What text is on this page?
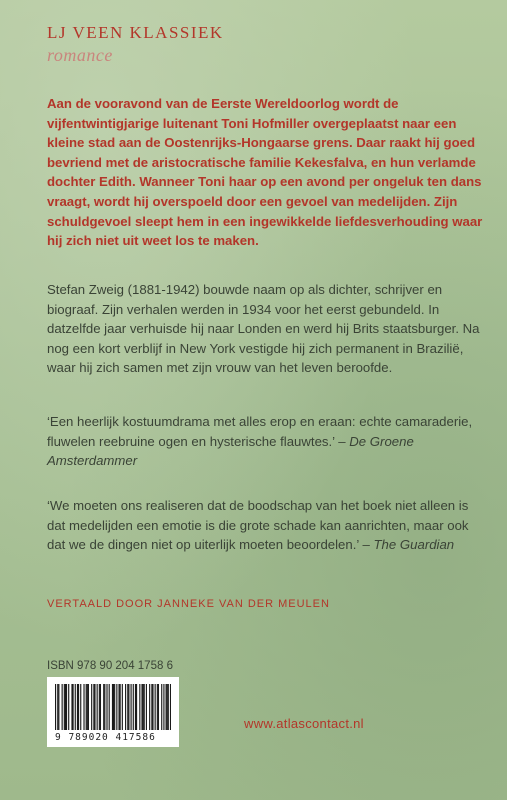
LJ VEEN KLASSIEK
romance

Aan de vooravond van de Eerste Wereldoorlog wordt de vijfentwintigjarige luitenant Toni Hofmiller overgeplaatst naar een kleine stad aan de Oostenrijks-Hongaarse grens. Daar raakt hij goed bevriend met de aristocratische familie Kekesfalva, en hun verlamde dochter Edith. Wanneer Toni haar op een avond per ongeluk ten dans vraagt, wordt hij overspoeld door een gevoel van medelijden. Zijn schuldgevoel sleept hem in een ingewikkelde liefdesverhouding waar hij zich niet uit weet los te maken.

Stefan Zweig (1881-1942) bouwde naam op als dichter, schrijver en biograaf. Zijn verhalen werden in 1934 voor het eerst gebundeld. In datzelfde jaar verhuisde hij naar Londen en werd hij Brits staatsburger. Na nog een kort verblijf in New York vestigde hij zich permanent in Brazilië, waar hij zich samen met zijn vrouw van het leven beroofde.

‘Een heerlijk kostuumdrama met alles erop en eraan: echte camaraderie, fluwelen reebruine ogen en hysterische flauwtes.’ – De Groene Amsterdammer

‘We moeten ons realiseren dat de boodschap van het boek niet alleen is dat medelijden een emotie is die grote schade kan aanrichten, maar ook dat we de dingen niet op uiterlijk moeten beoordelen.’ – The Guardian

VERTAALD DOOR JANNEKE VAN DER MEULEN
ISBN 978 90 204 1758 6
9 789020 417586
www.atlascontact.nl
